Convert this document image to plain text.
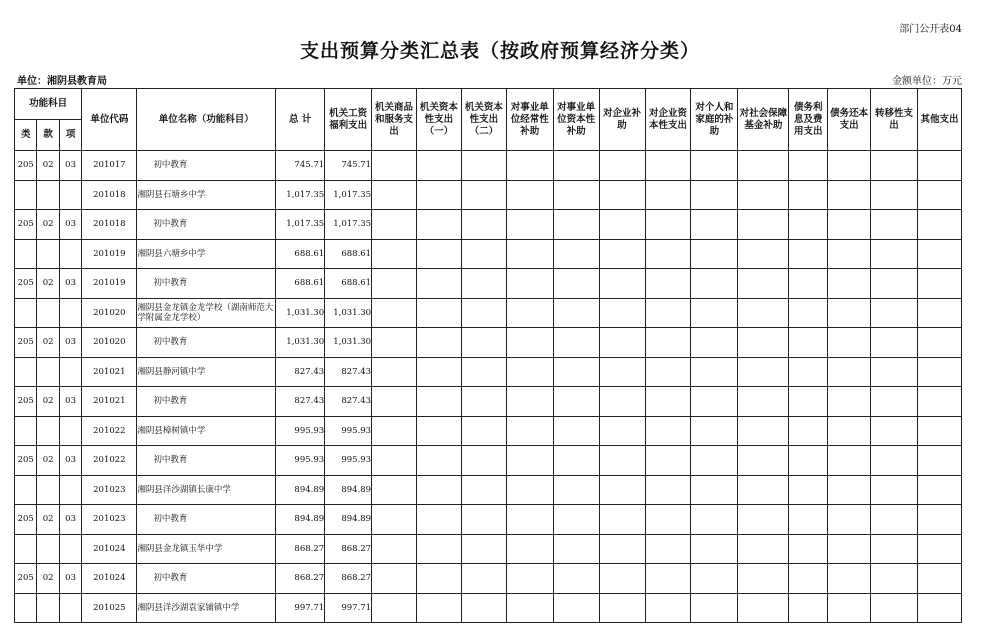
部门公开表04
支出预算分类汇总表（按政府预算经济分类）
单位：湘阴县教育局	金额单位：万元
功能科目			单位代码	单位名称（功能科目）	总 计	机关工资福利支出	机关商品和服务支出	机关资本性支出（一）	机关资本性支出（二）	对事业单位经常性补助	对事业单位资本性补助	对企业补助	对企业资本性支出	对个人和家庭的补助	对社会保障基金补助	债务利息及费用支出	债务还本支出	转移性支出	其他支出
类	款	项																	
205	02	03	201017	初中教育	745.71	745.71													
			201018	湘阴县石塘乡中学	1,017.35	1,017.35													
205	02	03	201018	初中教育	1,017.35	1,017.35													
			201019	湘阴县六塘乡中学	688.61	688.61													
205	02	03	201019	初中教育	688.61	688.61													
			201020	湘阴县金龙镇金龙学校（湖南师范大学附属金龙学校）	1,031.30	1,031.30													
205	02	03	201020	初中教育	1,031.30	1,031.30													
			201021	湘阴县静河镇中学	827.43	827.43													
205	02	03	201021	初中教育	827.43	827.43													
			201022	湘阴县樟树镇中学	995.93	995.93													
205	02	03	201022	初中教育	995.93	995.93													
			201023	湘阴县洋沙湖镇长康中学	894.89	894.89													
205	02	03	201023	初中教育	894.89	894.89													
			201024	湘阴县金龙镇玉华中学	868.27	868.27													
205	02	03	201024	初中教育	868.27	868.27													
			201025	湘阴县洋沙湖袁家铺镇中学	997.71	997.71													
